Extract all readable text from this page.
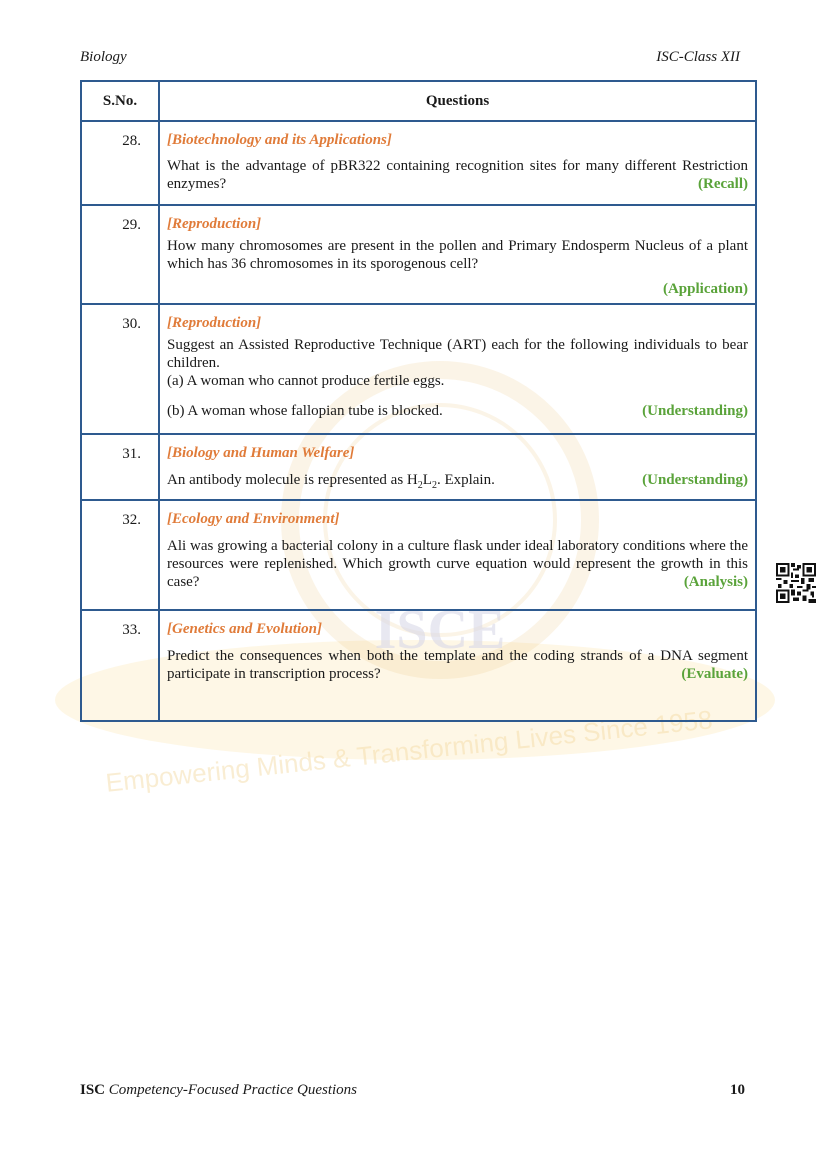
ISCE
Empowering Minds & Transforming Lives Since 1958
Biology	ISC-Class XII
S.No.	Questions
28.	[Biotechnology and its Applications]
What is the advantage of pBR322 containing recognition sites for many different Restriction enzymes? (Recall)

29.	[Reproduction]
How many chromosomes are present in the pollen and Primary Endosperm Nucleus of a plant which has 36 chromosomes in its sporogenous cell?
(Application)

30.	[Reproduction]
Suggest an Assisted Reproductive Technique (ART) each for the following individuals to bear children.
(a) A woman who cannot produce fertile eggs.
(b) A woman whose fallopian tube is blocked. (Understanding)

31.	[Biology and Human Welfare]
An antibody molecule is represented as $H_2L_2$. Explain. (Understanding)

32.	[Ecology and Environment]
Ali was growing a bacterial colony in a culture flask under ideal laboratory conditions where the resources were replenished. Which growth curve equation would represent the growth in this case? (Analysis)

33.	[Genetics and Evolution]
Predict the consequences when both the template and the coding strands of a DNA segment participate in transcription process? (Evaluate)
ISC Competency-Focused Practice Questions	10
